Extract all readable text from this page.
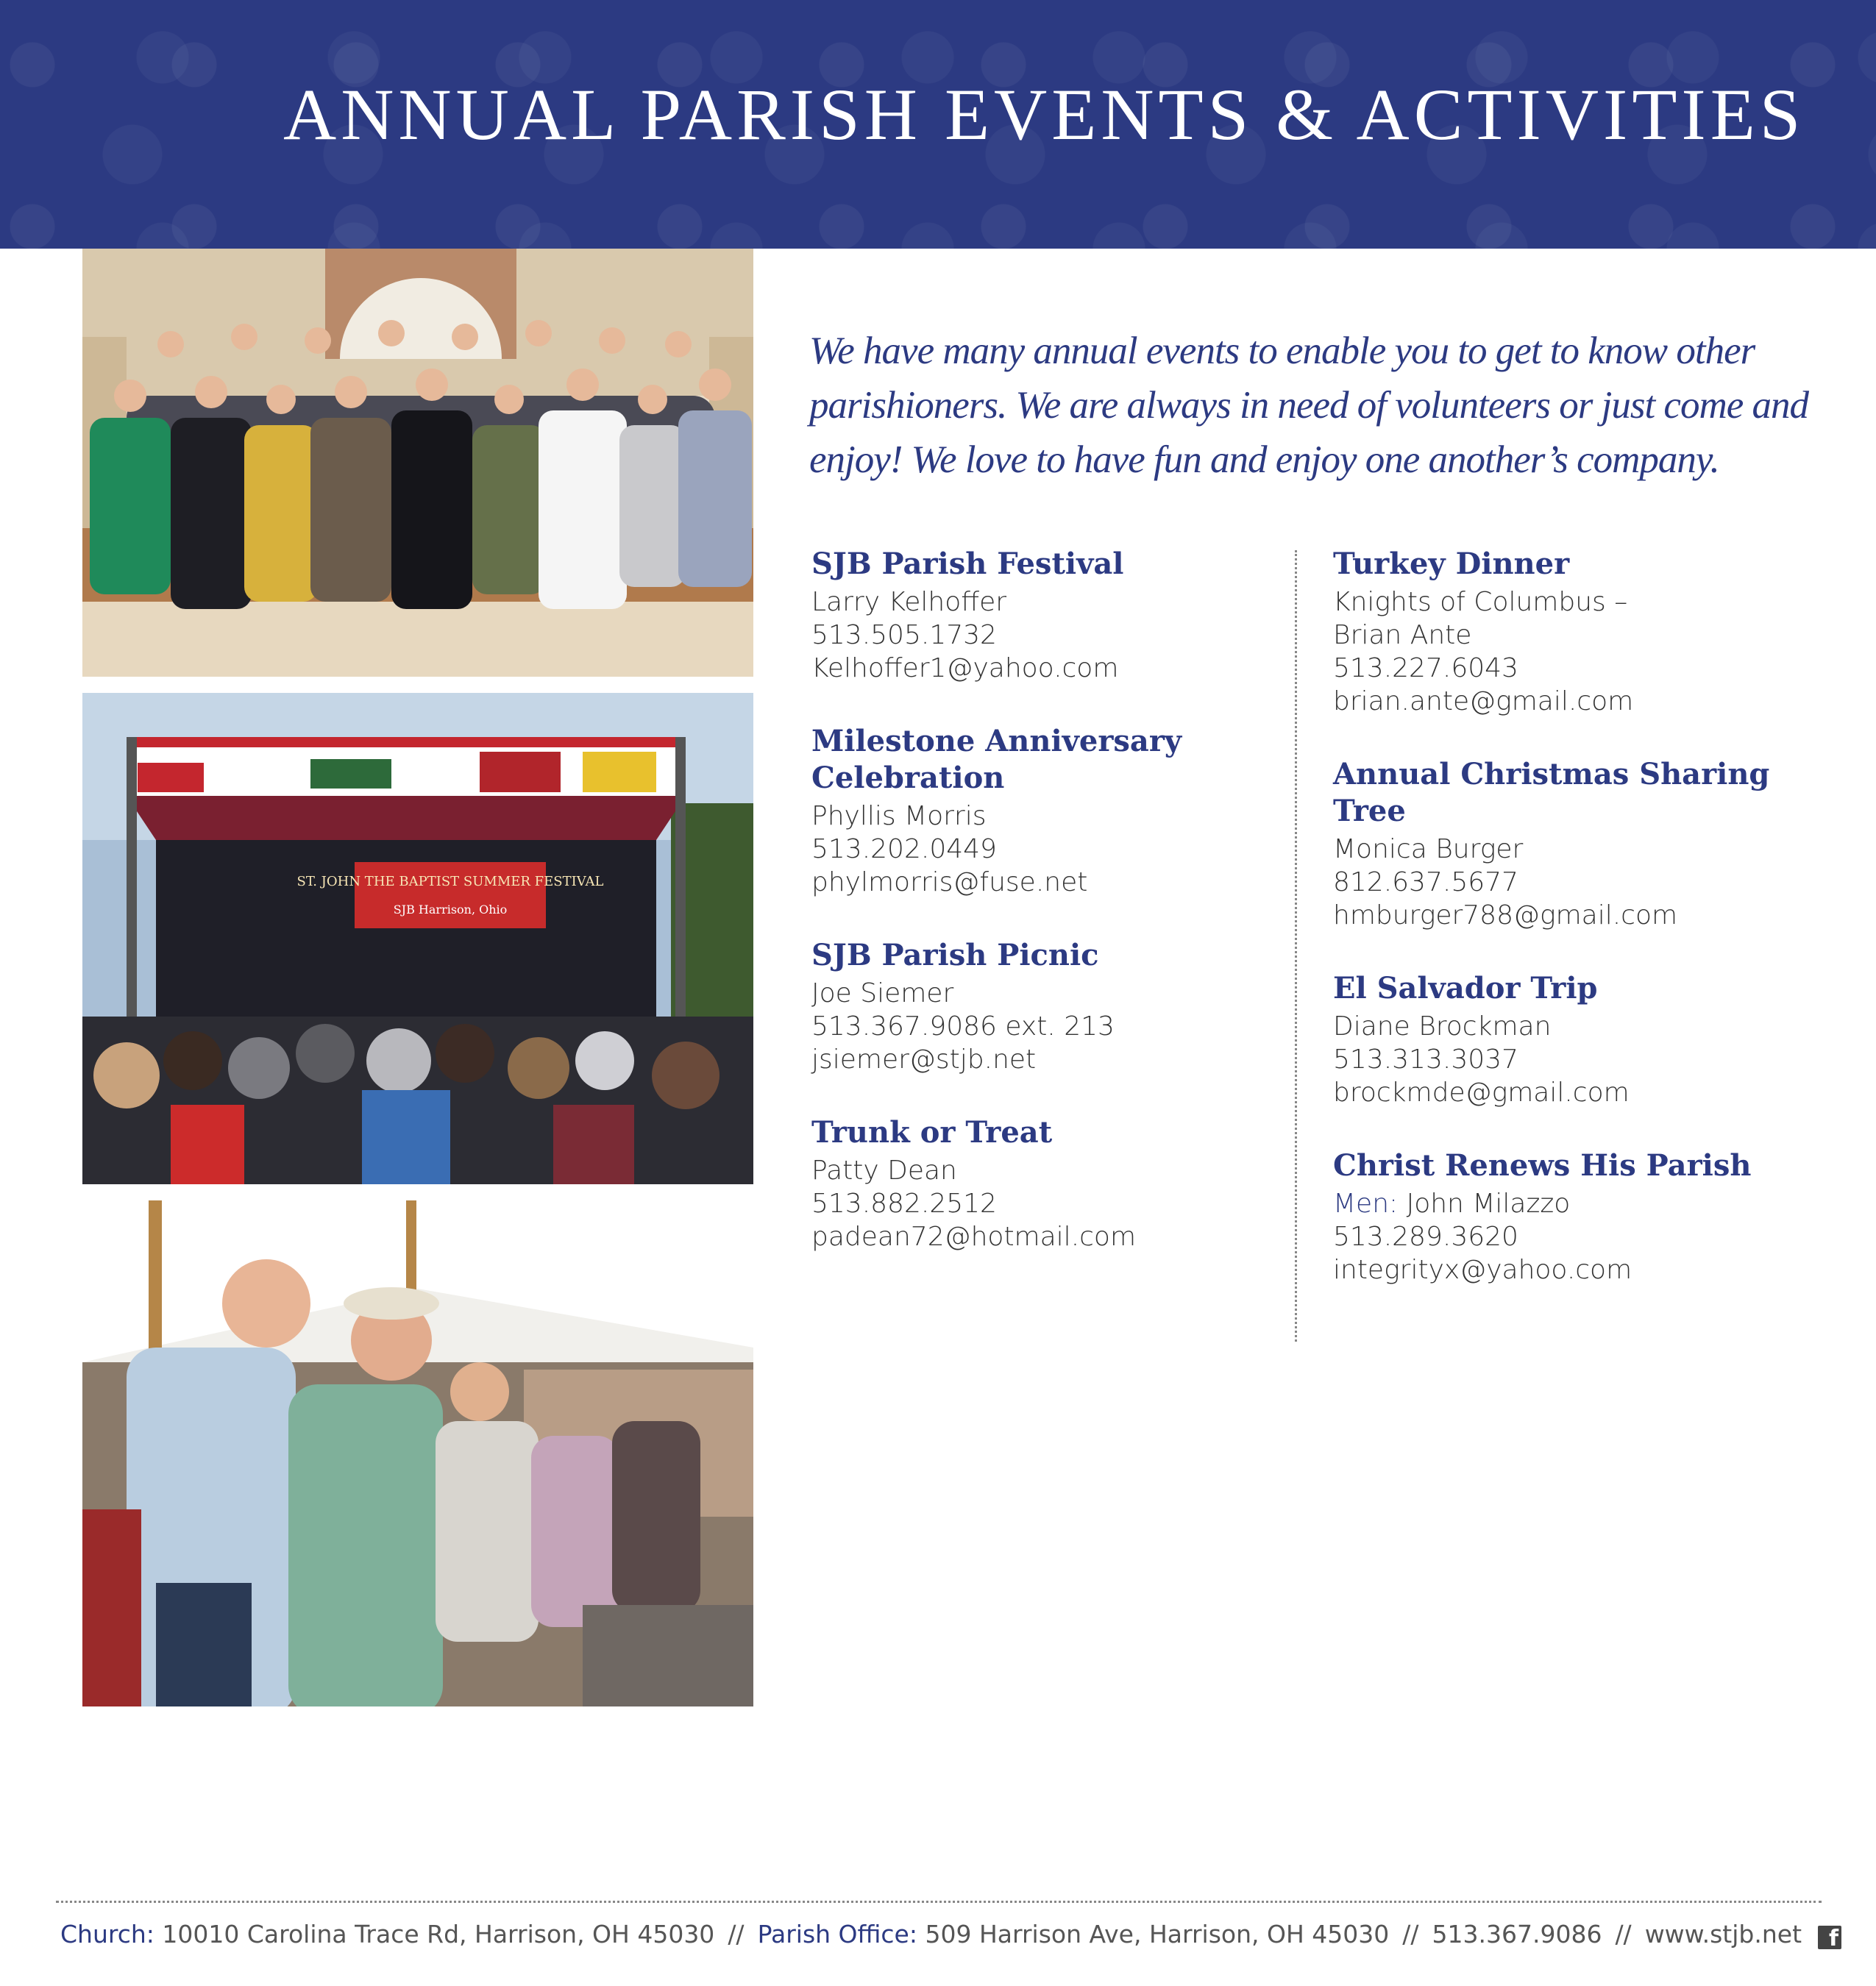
ANNUAL PARISH EVENTS & ACTIVITIES
ST. JOHN THE BAPTIST SUMMER FESTIVAL
SJB Harrison, Ohio

We have many annual events to enable you to get to know other parishioners. We are always in need of volunteers or just come and enjoy! We love to have fun and enjoy one another’s company.

SJB Parish Festival
Larry Kelhoffer
513.505.1732
Kelhoffer1@yahoo.com
Milestone Anniversary Celebration
Phyllis Morris
513.202.0449
phylmorris@fuse.net
SJB Parish Picnic
Joe Siemer
513.367.9086 ext. 213
jsiemer@stjb.net
Trunk or Treat
Patty Dean
513.882.2512
padean72@hotmail.com
Turkey Dinner
Knights of Columbus –
Brian Ante
513.227.6043
brian.ante@gmail.com
Annual Christmas Sharing Tree
Monica Burger
812.637.5677
hmburger788@gmail.com
El Salvador Trip
Diane Brockman
513.313.3037
brockmde@gmail.com
Christ Renews His Parish
Men: John Milazzo
513.289.3620
integrityx@yahoo.com
Church: 10010 Carolina Trace Rd, Harrison, OH 45030 // Parish Office: 509 Harrison Ave, Harrison, OH 45030 // 513.367.9086 // www.stjb.net f
